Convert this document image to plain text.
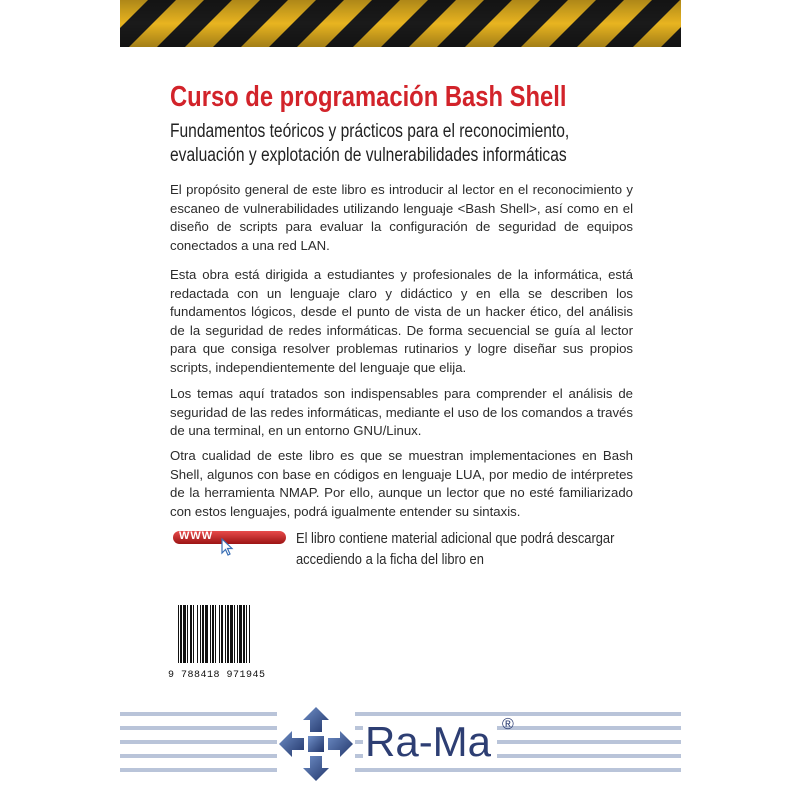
Curso de programación Bash Shell
Fundamentos teóricos y prácticos para el reconocimiento,
evaluación y explotación de vulnerabilidades informáticas

El propósito general de este libro es introducir al lector en el reconocimiento y escaneo de vulnerabilidades utilizando lenguaje <Bash Shell>, así como en el diseño de scripts para evaluar la configuración de seguridad de equipos conectados a una red LAN.

Esta obra está dirigida a estudiantes y profesionales de la informática, está redactada con un lenguaje claro y didáctico y en ella se describen los fundamentos lógicos, desde el punto de vista de un hacker ético, del análisis de la seguridad de redes informáticas. De forma secuencial se guía al lector para que consiga resolver problemas rutinarios y logre diseñar sus propios scripts, independientemente del lenguaje que elija.

Los temas aquí tratados son indispensables para comprender el análisis de seguridad de las redes informáticas, mediante el uso de los comandos a través de una terminal, en un entorno GNU/Linux.

Otra cualidad de este libro es que se muestran implementaciones en Bash Shell, algunos con base en códigos en lenguaje LUA, por medio de intérpretes de la herramienta NMAP. Por ello, aunque un lector que no esté familiarizado con estos lenguajes, podrá igualmente entender su sintaxis.

WWW	El libro contiene material adicional que podrá descargar
accediendo a la ficha del libro en
9 788418 971945
Ra-Ma ®
